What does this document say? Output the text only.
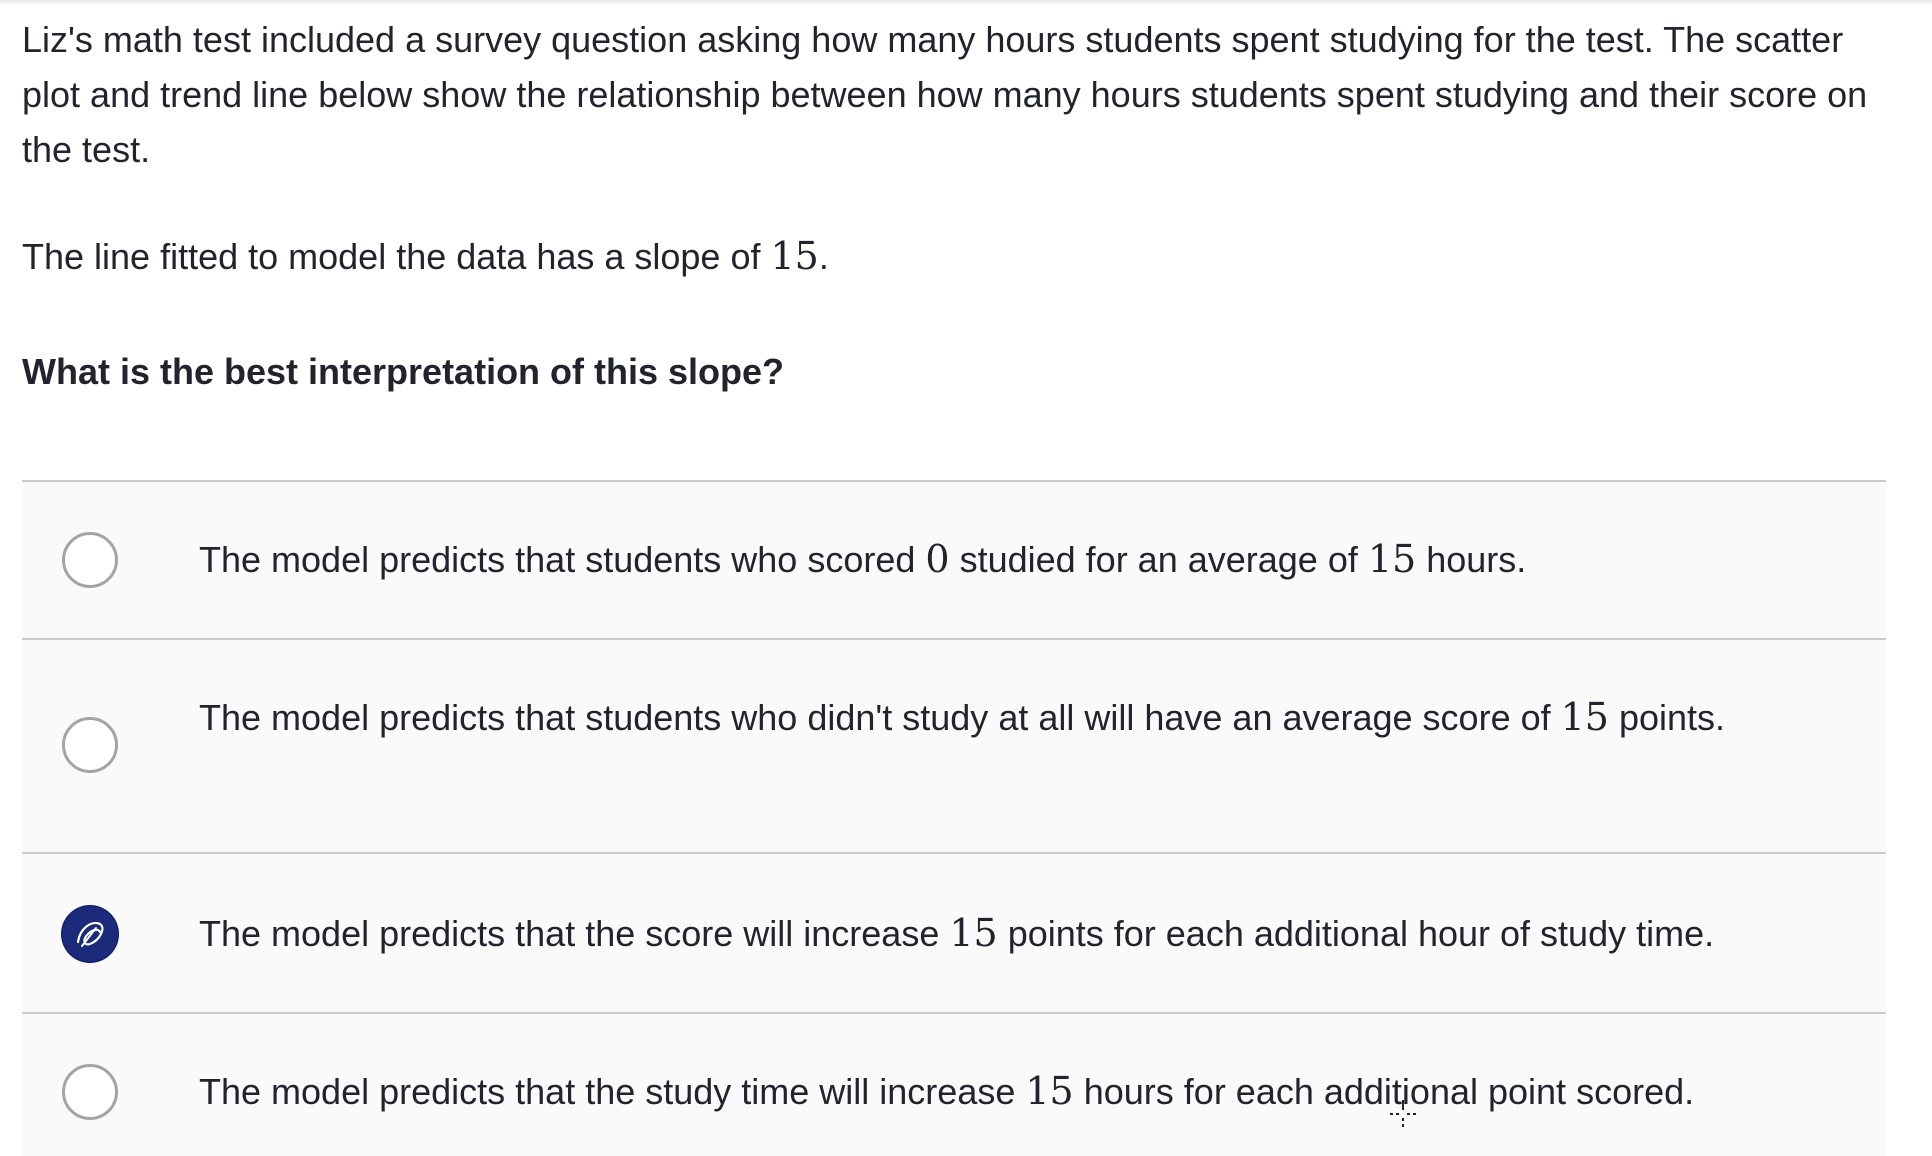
Liz's math test included a survey question asking how many hours students spent studying for the test. The scatter plot and trend line below show the relationship between how many hours students spent studying and their score on the test.

The line fitted to model the data has a slope of 15.

What is the best interpretation of this slope?

The model predicts that students who scored 0 studied for an average of 15 hours.
The model predicts that students who didn't study at all will have an average score of 15 points.
The model predicts that the score will increase 15 points for each additional hour of study time.
The model predicts that the study time will increase 15 hours for each additional point scored.
